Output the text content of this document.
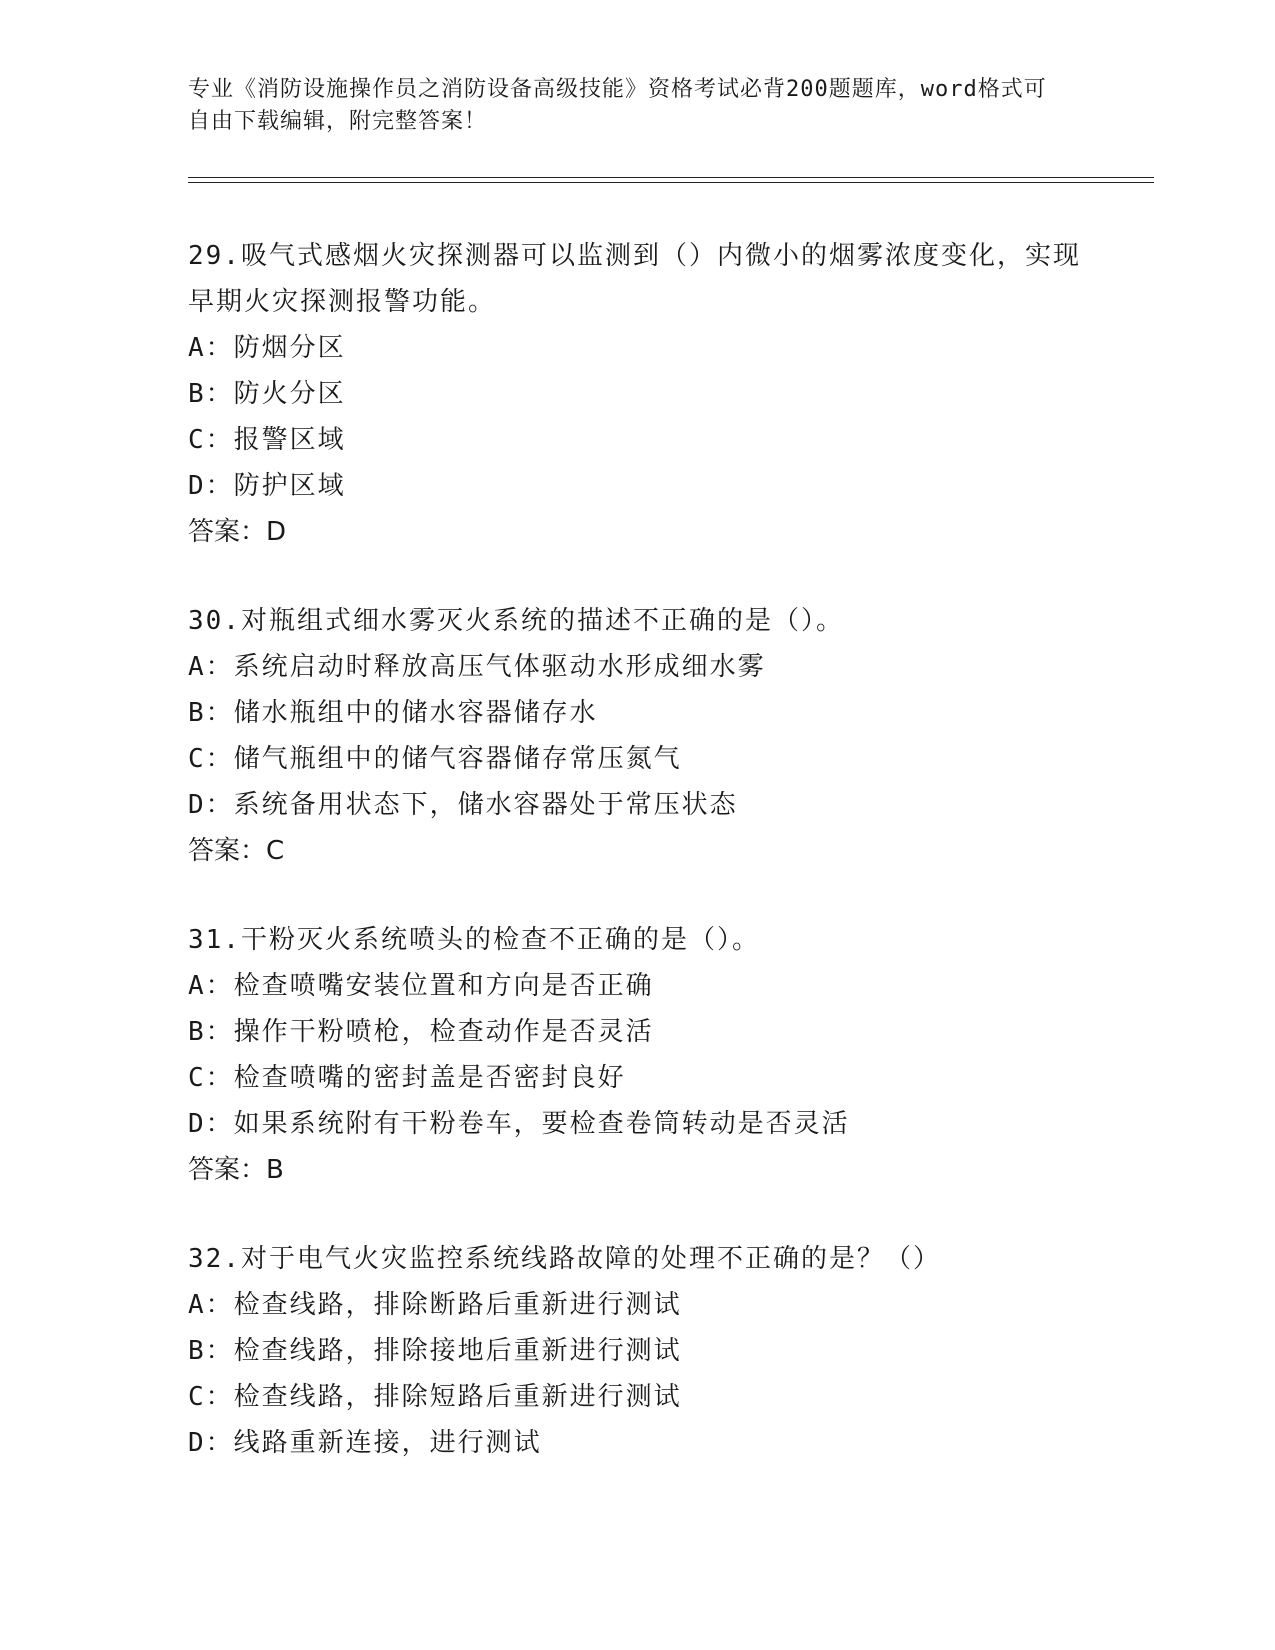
专业《消防设施操作员之消防设备高级技能》资格考试必背200题题库，word格式可自由下载编辑，附完整答案！

29.吸气式感烟火灾探测器可以监测到（）内微小的烟雾浓度变化，实现早期火灾探测报警功能。

A：防烟分区

B：防火分区

C：报警区域

D：防护区域

答案：D

30.对瓶组式细水雾灭火系统的描述不正确的是（）。

A：系统启动时释放高压气体驱动水形成细水雾

B：储水瓶组中的储水容器储存水

C：储气瓶组中的储气容器储存常压氮气

D：系统备用状态下，储水容器处于常压状态

答案：C

31.干粉灭火系统喷头的检查不正确的是（）。

A：检查喷嘴安装位置和方向是否正确

B：操作干粉喷枪，检查动作是否灵活

C：检查喷嘴的密封盖是否密封良好

D：如果系统附有干粉卷车，要检查卷筒转动是否灵活

答案：B

32.对于电气火灾监控系统线路故障的处理不正确的是？（）

A：检查线路，排除断路后重新进行测试

B：检查线路，排除接地后重新进行测试

C：检查线路，排除短路后重新进行测试

D：线路重新连接，进行测试
